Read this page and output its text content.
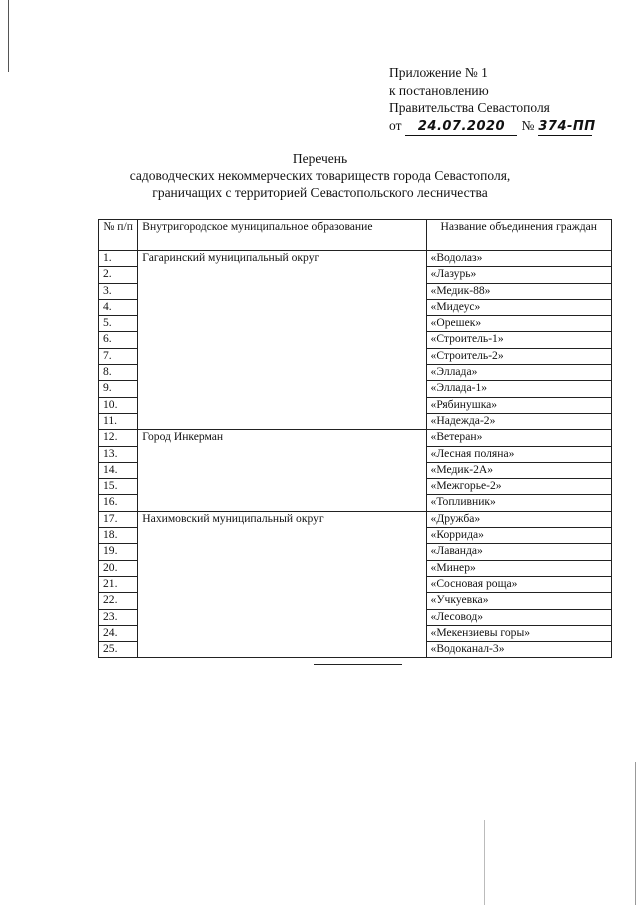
Приложение № 1
к постановлению
Правительства Севастополя
от 24.07.2020 № 374-ПП
Перечень
садоводческих некоммерческих товариществ города Севастополя,
граничащих с территорией Севастопольского лесничества
№ п/п	Внутригородское муниципальное образование	Название объединения граждан
1.	Гагаринский муниципальный округ	«Водолаз»
2.		«Лазурь»
3.		«Медик-88»
4.		«Мидеус»
5.		«Орешек»
6.		«Строитель-1»
7.		«Строитель-2»
8.		«Эллада»
9.		«Эллада-1»
10.		«Рябинушка»
11.		«Надежда-2»
12.	Город Инкерман	«Ветеран»
13.		«Лесная поляна»
14.		«Медик-2А»
15.		«Межгорье-2»
16.		«Топливник»
17.	Нахимовский муниципальный округ	«Дружба»
18.		«Коррида»
19.		«Лаванда»
20.		«Минер»
21.		«Сосновая роща»
22.		«Учкуевка»
23.		«Лесовод»
24.		«Мекензиевы горы»
25.		«Водоканал-3»
